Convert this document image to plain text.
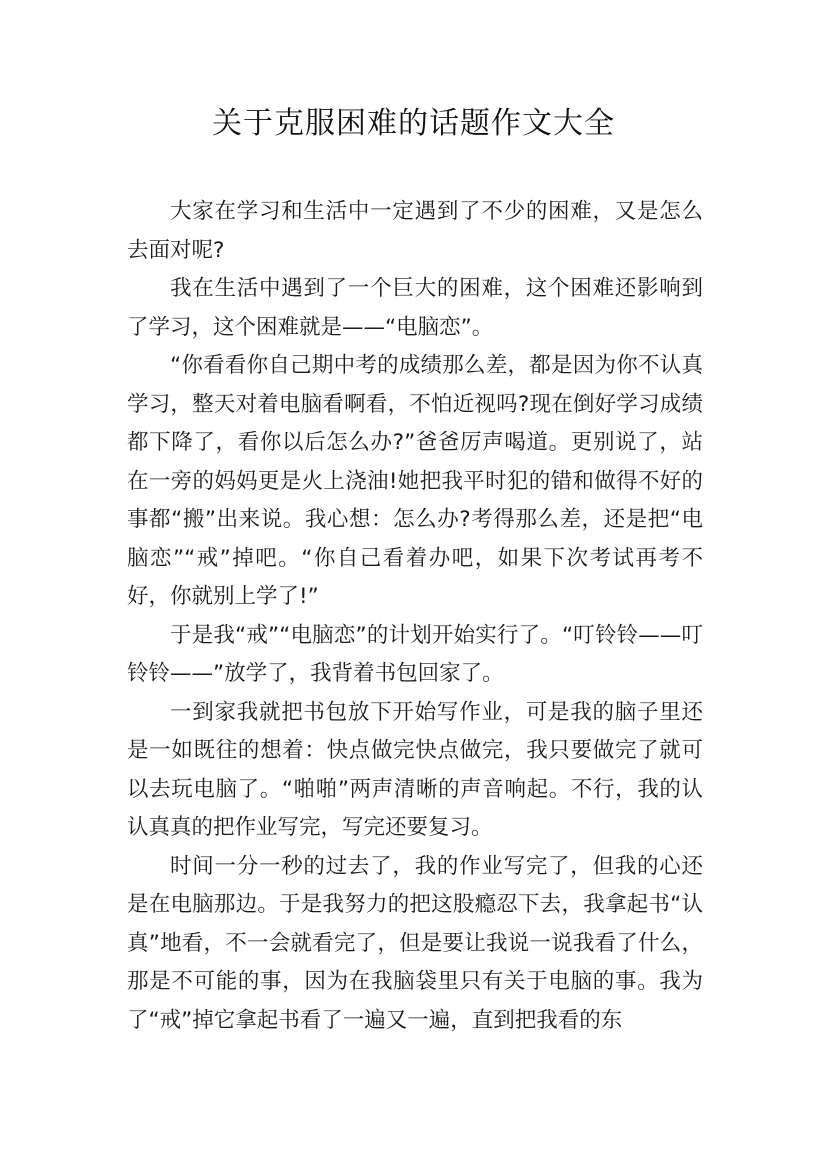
关于克服困难的话题作文大全

大家在学习和生活中一定遇到了不少的困难，又是怎么去面对呢?

我在生活中遇到了一个巨大的困难，这个困难还影响到了学习，这个困难就是——“电脑恋”。

“你看看你自己期中考的成绩那么差，都是因为你不认真学习，整天对着电脑看啊看，不怕近视吗?现在倒好学习成绩都下降了，看你以后怎么办?”爸爸厉声喝道。更别说了，站在一旁的妈妈更是火上浇油!她把我平时犯的错和做得不好的事都“搬”出来说。我心想：怎么办?考得那么差，还是把“电脑恋”“戒”掉吧。“你自己看着办吧，如果下次考试再考不好，你就别上学了!”

于是我“戒”“电脑恋”的计划开始实行了。“叮铃铃——叮铃铃——”放学了，我背着书包回家了。

一到家我就把书包放下开始写作业，可是我的脑子里还是一如既往的想着：快点做完快点做完，我只要做完了就可以去玩电脑了。“啪啪”两声清晰的声音响起。不行，我的认认真真的把作业写完，写完还要复习。

时间一分一秒的过去了，我的作业写完了，但我的心还是在电脑那边。于是我努力的把这股瘾忍下去，我拿起书“认真”地看，不一会就看完了，但是要让我说一说我看了什么，那是不可能的事，因为在我脑袋里只有关于电脑的事。我为了“戒”掉它拿起书看了一遍又一遍，直到把我看的东
